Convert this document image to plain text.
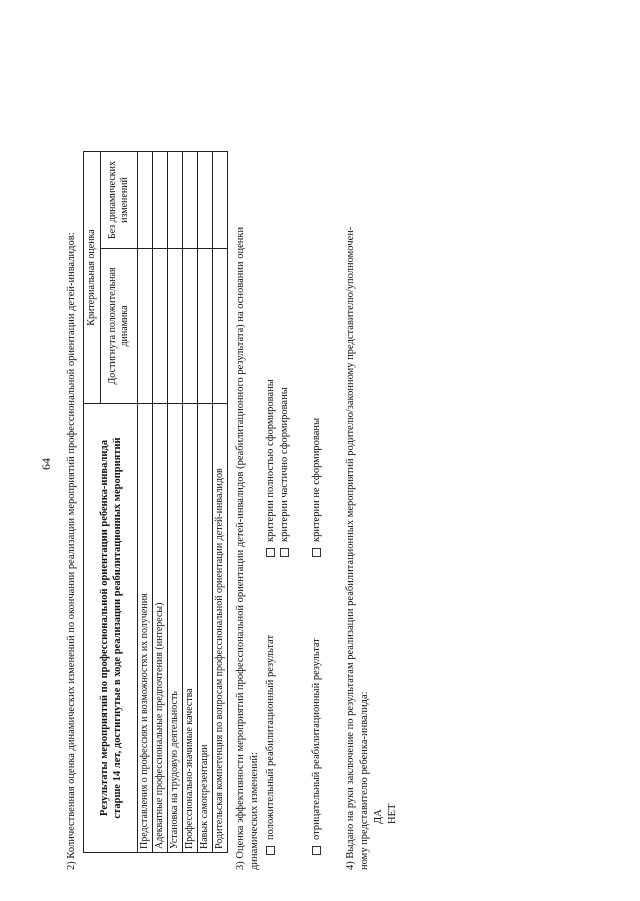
64 2) Количественная оценка динамических изменений по окончании реализации мероприятий профессиональной ориентации детей-инвалидов: Результаты мероприятий по профессиональной ориентации ребенка-инвалида старше 14 лет, достигнутые в ходе реализации реабилитационных мероприятий	Критериальная оценка	
	Достигнута положительная динамика	Без динамических изменений
Представления о профессиях и возможностях их получения		
Адекватные профессиональные предпочтения (интересы)		
Установка на трудовую деятельность		
Профессионально-значимые качества		
Навык самопрезентации		
Родительская компетенция по вопросам профессиональной ориентации детей-инвалидов		3) Оценка эффективности мероприятий профессиональной ориентации детей-инвалидов (реабилитационного результата) на основании оценки динамических изменений: положительный реабилитационный результат
критерии полностью сформированы критерии частично сформированы
отрицательный реабилитационный результат
критерии не сформированы 4) Выдано на руки заключение по результатам реализации реабилитационных мероприятий родителю/законному представителю/уполномочен- ному представителю ребенка-инвалида: ДА НЕТ
